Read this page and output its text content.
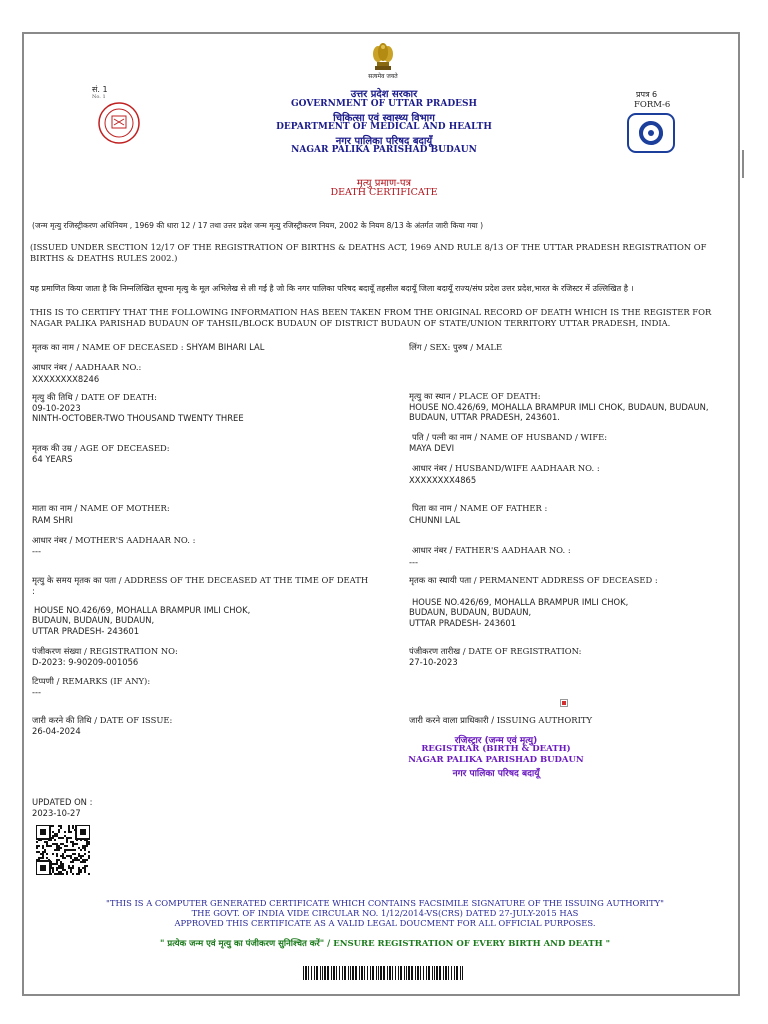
सत्यमेव जयते
सं. 1
No. 1	उत्तर प्रदेश सरकार
GOVERNMENT OF UTTAR PRADESH
चिकित्सा एवं स्वास्थ्य विभाग
DEPARTMENT OF MEDICAL AND HEALTH
नगर पालिका परिषद बदायूँ
NAGAR PALIKA PARISHAD BUDAUN
प्रपत्र 6
FORM-6
मृत्यु प्रमाण-पत्र
DEATH CERTIFICATE
(जन्म मृत्यु रजिस्ट्रीकरण अधिनियम , 1969 की धारा 12 / 17 तथा उत्तर प्रदेश जन्म मृत्यु रजिस्ट्रीकरण नियम, 2002 के नियम 8/13 के अंतर्गत जारी किया गया )
(ISSUED UNDER SECTION 12/17 OF THE REGISTRATION OF BIRTHS & DEATHS ACT, 1969 AND RULE 8/13 OF THE UTTAR PRADESH REGISTRATION OF BIRTHS & DEATHS RULES 2002.)
यह प्रमाणित किया जाता है कि निम्नलिखित सूचना मृत्यु के मूल अभिलेख से ली गई है जो कि नगर पालिका परिषद बदायूँ तहसील बदायूँ जिला बदायूँ राज्य/संघ प्रदेश उत्तर प्रदेश,भारत के रजिस्टर में उल्लिखित है ।
THIS IS TO CERTIFY THAT THE FOLLOWING INFORMATION HAS BEEN TAKEN FROM THE ORIGINAL RECORD OF DEATH WHICH IS THE REGISTER FOR NAGAR PALIKA PARISHAD BUDAUN OF TAHSIL/BLOCK BUDAUN OF DISTRICT BUDAUN OF STATE/UNION TERRITORY UTTAR PRADESH, INDIA.
मृतक का नाम / NAME OF DECEASED : SHYAM BIHARI LAL
आधार नंबर / AADHAAR NO.:
XXXXXXXX8246
मृत्यु की तिथि / DATE OF DEATH:
09-10-2023
NINTH-OCTOBER-TWO THOUSAND TWENTY THREE
मृतक की उम्र / AGE OF DECEASED:
64 YEARS
माता का नाम / NAME OF MOTHER:
RAM SHRI
आधार नंबर / MOTHER'S AADHAAR NO. :
---
मृत्यु के समय मृतक का पता / ADDRESS OF THE DECEASED AT THE TIME OF DEATH
:
HOUSE NO.426/69, MOHALLA BRAMPUR IMLI CHOK,
BUDAUN, BUDAUN, BUDAUN,
UTTAR PRADESH- 243601
पंजीकरण संख्या / REGISTRATION NO:
D-2023: 9-90209-001056
टिप्पणी / REMARKS (IF ANY):
---
जारी करने की तिथि / DATE OF ISSUE:
26-04-2024
लिंग / SEX: पुरुष / MALE
मृत्यु का स्थान / PLACE OF DEATH:
HOUSE NO.426/69, MOHALLA BRAMPUR IMLI CHOK, BUDAUN, BUDAUN,
BUDAUN, UTTAR PRADESH, 243601.
पति / पत्नी का नाम / NAME OF HUSBAND / WIFE:
MAYA DEVI
आधार नंबर / HUSBAND/WIFE AADHAAR NO. :
XXXXXXXX4865
पिता का नाम / NAME OF FATHER :
CHUNNI LAL
आधार नंबर / FATHER'S AADHAAR NO. :
---
मृतक का स्थायी पता / PERMANENT ADDRESS OF DECEASED :
HOUSE NO.426/69, MOHALLA BRAMPUR IMLI CHOK,
BUDAUN, BUDAUN, BUDAUN,
UTTAR PRADESH- 243601
पंजीकरण तारीख / DATE OF REGISTRATION:
27-10-2023
जारी करने वाला प्राधिकारी / ISSUING AUTHORITY
रजिस्ट्रार (जन्म एवं मृत्यु)
REGISTRAR (BIRTH & DEATH)
NAGAR PALIKA PARISHAD BUDAUN
नगर पालिका परिषद बदायूँ
UPDATED ON :
2023-10-27
"THIS IS A COMPUTER GENERATED CERTIFICATE WHICH CONTAINS FACSIMILE SIGNATURE OF THE ISSUING AUTHORITY"
THE GOVT. OF INDIA VIDE CIRCULAR NO. 1/12/2014-VS(CRS) DATED 27-JULY-2015 HAS
APPROVED THIS CERTIFICATE AS A VALID LEGAL DOUCMENT FOR ALL OFFICIAL PURPOSES.
" प्रत्येक जन्म एवं मृत्यु का पंजीकरण सुनिश्चित करें" / ENSURE REGISTRATION OF EVERY BIRTH AND DEATH "
